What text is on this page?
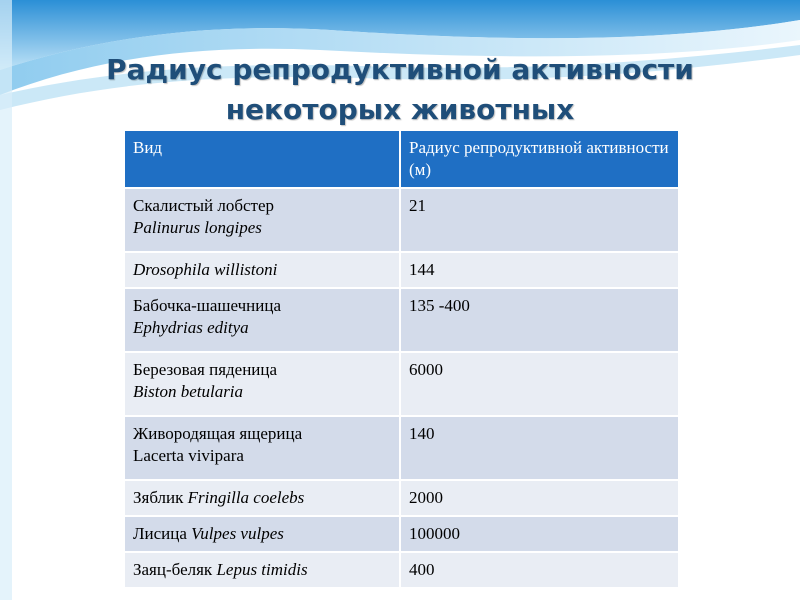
Радиус репродуктивной активности
некоторых животных
Вид	Радиус репродуктивной активности (м)
Скалистый лобстер
Palinurus longipes	21
Drosophila willistoni	144
Бабочка-шашечница
Ephydrias editya	135 -400
Березовая пяденица
Biston betularia	6000
Живородящая ящерица
Lacerta vivipara	140
Зяблик Fringilla coelebs	2000
Лисица Vulpes vulpes	100000
Заяц-беляк Lepus timidis	400
